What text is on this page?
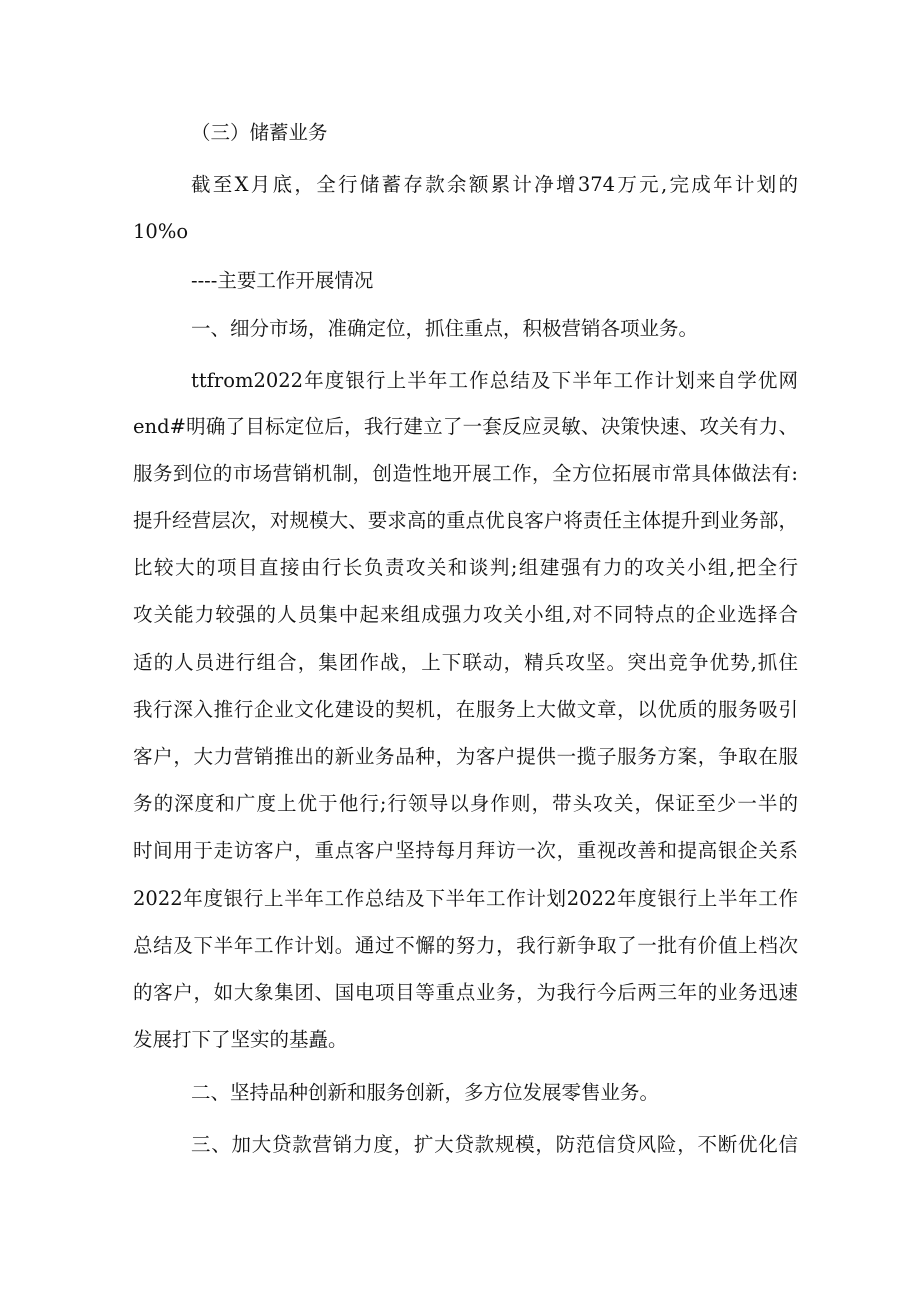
（三）储蓄业务
截至X月底，全行储蓄存款余额累计净增374万元,完成年计划的
10%o
----主要工作开展情况
一、细分市场，准确定位，抓住重点，积极营销各项业务。
ttfrom2022年度银行上半年工作总结及下半年工作计划来自学优网
end#明确了目标定位后，我行建立了一套反应灵敏、决策快速、攻关有力、
服务到位的市场营销机制，创造性地开展工作，全方位拓展市常具体做法有:
提升经营层次，对规模大、要求高的重点优良客户将责任主体提升到业务部，
比较大的项目直接由行长负责攻关和谈判;组建强有力的攻关小组,把全行
攻关能力较强的人员集中起来组成强力攻关小组,对不同特点的企业选择合
适的人员进行组合，集团作战，上下联动，精兵攻坚。突出竞争优势,抓住
我行深入推行企业文化建设的契机，在服务上大做文章，以优质的服务吸引
客户，大力营销推出的新业务品种，为客户提供一揽子服务方案，争取在服
务的深度和广度上优于他行;行领导以身作则，带头攻关，保证至少一半的
时间用于走访客户，重点客户坚持每月拜访一次，重视改善和提高银企关系
2022年度银行上半年工作总结及下半年工作计划2022年度银行上半年工作
总结及下半年工作计划。通过不懈的努力，我行新争取了一批有价值上档次
的客户，如大象集团、国电项目等重点业务，为我行今后两三年的业务迅速
发展打下了坚实的基矗。
二、坚持品种创新和服务创新，多方位发展零售业务。
三、加大贷款营销力度，扩大贷款规模，防范信贷风险，不断优化信
